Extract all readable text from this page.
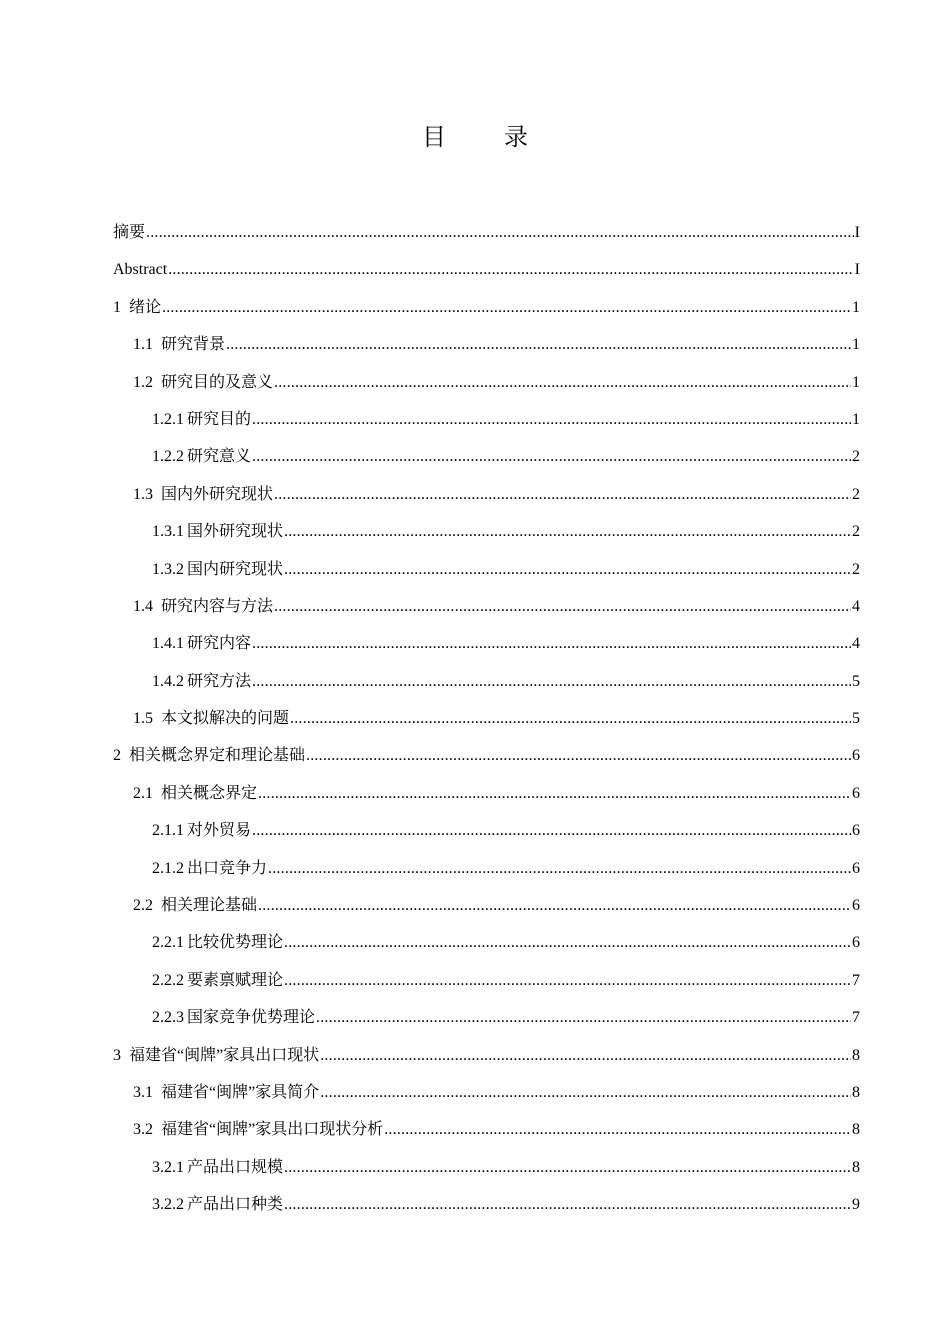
目 录
摘要 .....	I
Abstract .....	I
1 绪论 .....	1
1.1 研究背景 .....	1
1.2 研究目的及意义 .....	1
1.2.1 研究目的 .....	1
1.2.2 研究意义 .....	2
1.3 国内外研究现状 .....	2
1.3.1 国外研究现状 .....	2
1.3.2 国内研究现状 .....	2
1.4 研究内容与方法 .....	4
1.4.1 研究内容 .....	4
1.4.2 研究方法 .....	5
1.5 本文拟解决的问题 .....	5
2 相关概念界定和理论基础 .....	6
2.1 相关概念界定 .....	6
2.1.1 对外贸易 .....	6
2.1.2 出口竞争力 .....	6
2.2 相关理论基础 .....	6
2.2.1 比较优势理论 .....	6
2.2.2 要素禀赋理论 .....	7
2.2.3 国家竞争优势理论 .....	7
3 福建省“闽牌”家具出口现状 .....	8
3.1 福建省“闽牌”家具简介 .....	8
3.2 福建省“闽牌”家具出口现状分析 .....	8
3.2.1 产品出口规模 .....	8
3.2.2 产品出口种类 .....	9
